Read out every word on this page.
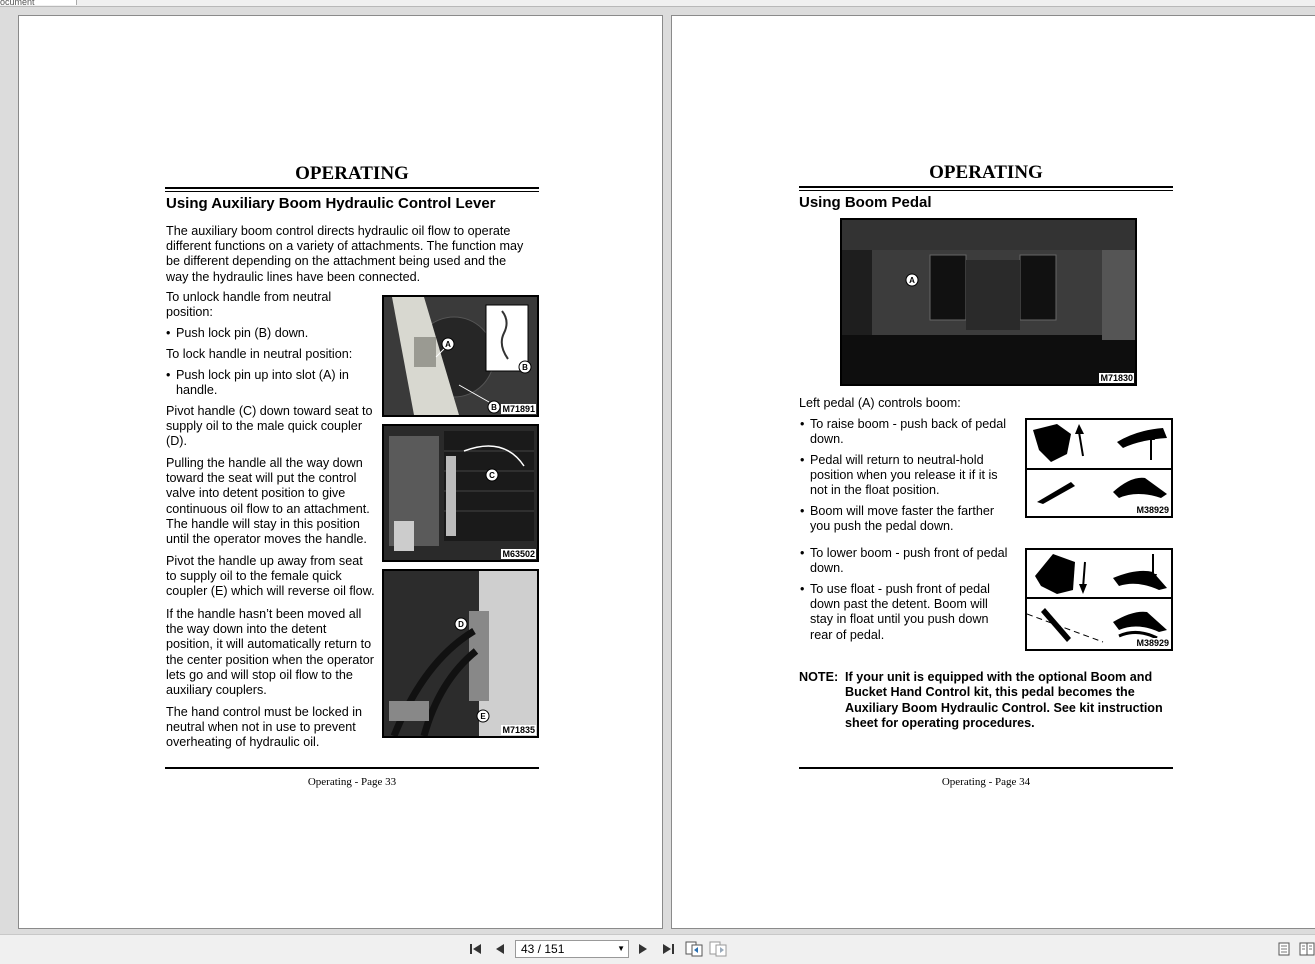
ocument
OPERATING
Using Auxiliary Boom Hydraulic Control Lever
The auxiliary boom control directs hydraulic oil flow to operate
different functions on a variety of attachments. The function may
be different depending on the attachment being used and the
way the hydraulic lines have been connected.
To unlock handle from neutral
position:
• Push lock pin (B) down.
To lock handle in neutral position:
• Push lock pin up into slot (A) in
handle.
Pivot handle (C) down toward seat to
supply oil to the male quick coupler
(D).
Pulling the handle all the way down
toward the seat will put the control
valve into detent position to give
continuous oil flow to an attachment.
The handle will stay in this position
until the operator moves the handle.
Pivot the handle up away from seat
to supply oil to the female quick
coupler (E) which will reverse oil flow.
If the handle hasn’t been moved all
the way down into the detent
position, it will automatically return to
the center position when the operator
lets go and will stop oil flow to the
auxiliary couplers.
The hand control must be locked in
neutral when not in use to prevent
overheating of hydraulic oil.
A
B
B M71891
C
M63502
D
E
M71835
Operating - Page 33
OPERATING
Using Boom Pedal
A
M71830
Left pedal (A) controls boom:
• To raise boom - push back of pedal
down.
• Pedal will return to neutral-hold
position when you release it if it is
not in the float position.
• Boom will move faster the farther
you push the pedal down.
M38929
• To lower boom - push front of pedal
down.
• To use float - push front of pedal
down past the detent. Boom will
stay in float until you push down
rear of pedal.
M38929
NOTE: If your unit is equipped with the optional Boom and
Bucket Hand Control kit, this pedal becomes the
Auxiliary Boom Hydraulic Control. See kit instruction
sheet for operating procedures.
Operating - Page 34
43 / 151	▼
